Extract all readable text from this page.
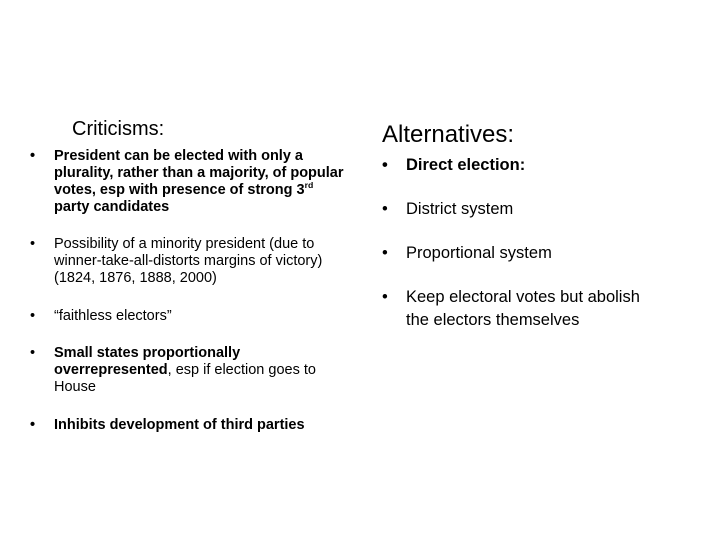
Criticisms:
•
President can be elected with only a plurality, rather than a majority, of popular votes, esp with presence of strong 3rd party candidates
•
Possibility of a minority president (due to winner-take-all-distorts margins of victory) (1824, 1876, 1888, 2000)
•
“faithless electors”
•
Small states proportionally overrepresented, esp if election goes to House
•
Inhibits development of third parties
Alternatives:
•
Direct election:
•
District system
•
Proportional system
•
Keep electoral votes but abolish the electors themselves
